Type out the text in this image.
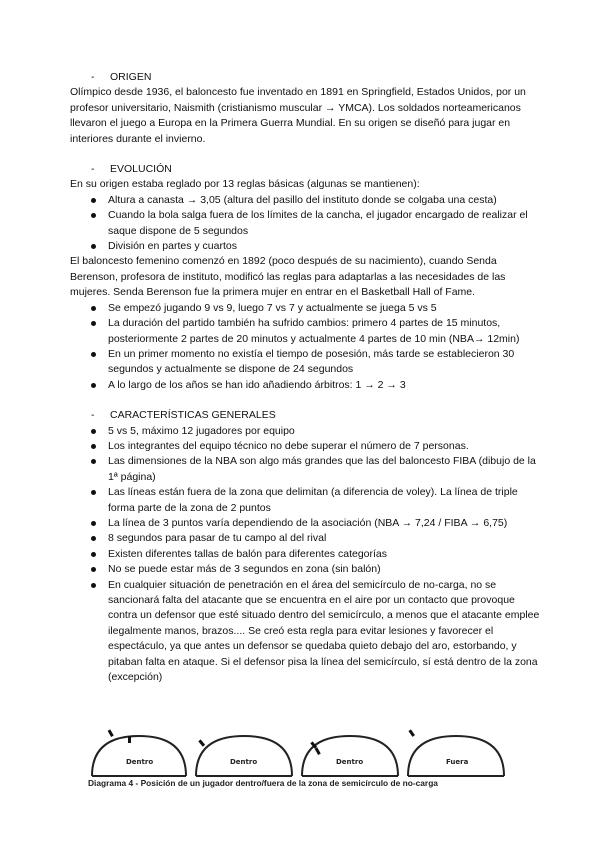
-	ORIGEN

Olímpico desde 1936, el baloncesto fue inventado en 1891 en Springfield, Estados Unidos, por un profesor universitario, Naismith (cristianismo muscular → YMCA). Los soldados norteamericanos llevaron el juego a Europa en la Primera Guerra Mundial. En su origen se diseñó para jugar en interiores durante el invierno.

-	EVOLUCIÓN

En su origen estaba reglado por 13 reglas básicas (algunas se mantienen):

Altura a canasta → 3,05 (altura del pasillo del instituto donde se colgaba una cesta)
Cuando la bola salga fuera de los límites de la cancha, el jugador encargado de realizar el saque dispone de 5 segundos
División en partes y cuartos

El baloncesto femenino comenzó en 1892 (poco después de su nacimiento), cuando Senda Berenson, profesora de instituto, modificó las reglas para adaptarlas a las necesidades de las mujeres. Senda Berenson fue la primera mujer en entrar en el Basketball Hall of Fame.

Se empezó jugando 9 vs 9, luego 7 vs 7 y actualmente se juega 5 vs 5
La duración del partido también ha sufrido cambios: primero 4 partes de 15 minutos, posteriormente 2 partes de 20 minutos y actualmente 4 partes de 10 min (NBA→ 12min)
En un primer momento no existía el tiempo de posesión, más tarde se establecieron 30 segundos y actualmente se dispone de 24 segundos
A lo largo de los años se han ido añadiendo árbitros: 1 → 2 → 3
-	CARACTERÍSTICAS GENERALES
5 vs 5, máximo 12 jugadores por equipo
Los integrantes del equipo técnico no debe superar el número de 7 personas.
Las dimensiones de la NBA son algo más grandes que las del baloncesto FIBA (dibujo de la 1ª página)
Las líneas están fuera de la zona que delimitan (a diferencia de voley). La línea de triple forma parte de la zona de 2 puntos
La línea de 3 puntos varía dependiendo de la asociación (NBA → 7,24 / FIBA → 6,75)
8 segundos para pasar de tu campo al del rival
Existen diferentes tallas de balón para diferentes categorías
No se puede estar más de 3 segundos en zona (sin balón)
En cualquier situación de penetración en el área del semicírculo de no-carga, no se sancionará falta del atacante que se encuentra en el aire por un contacto que provoque contra un defensor que esté situado dentro del semicírculo, a menos que el atacante emplee ilegalmente manos, brazos.... Se creó esta regla para evitar lesiones y favorecer el espectáculo, ya que antes un defensor se quedaba quieto debajo del aro, estorbando, y pitaban falta en ataque. Si el defensor pisa la línea del semicírculo, sí está dentro de la zona (excepción)
Dentro	Dentro	Dentro	Fuera
Diagrama 4 - Posición de un jugador dentro/fuera de la zona de semicírculo de no-carga
